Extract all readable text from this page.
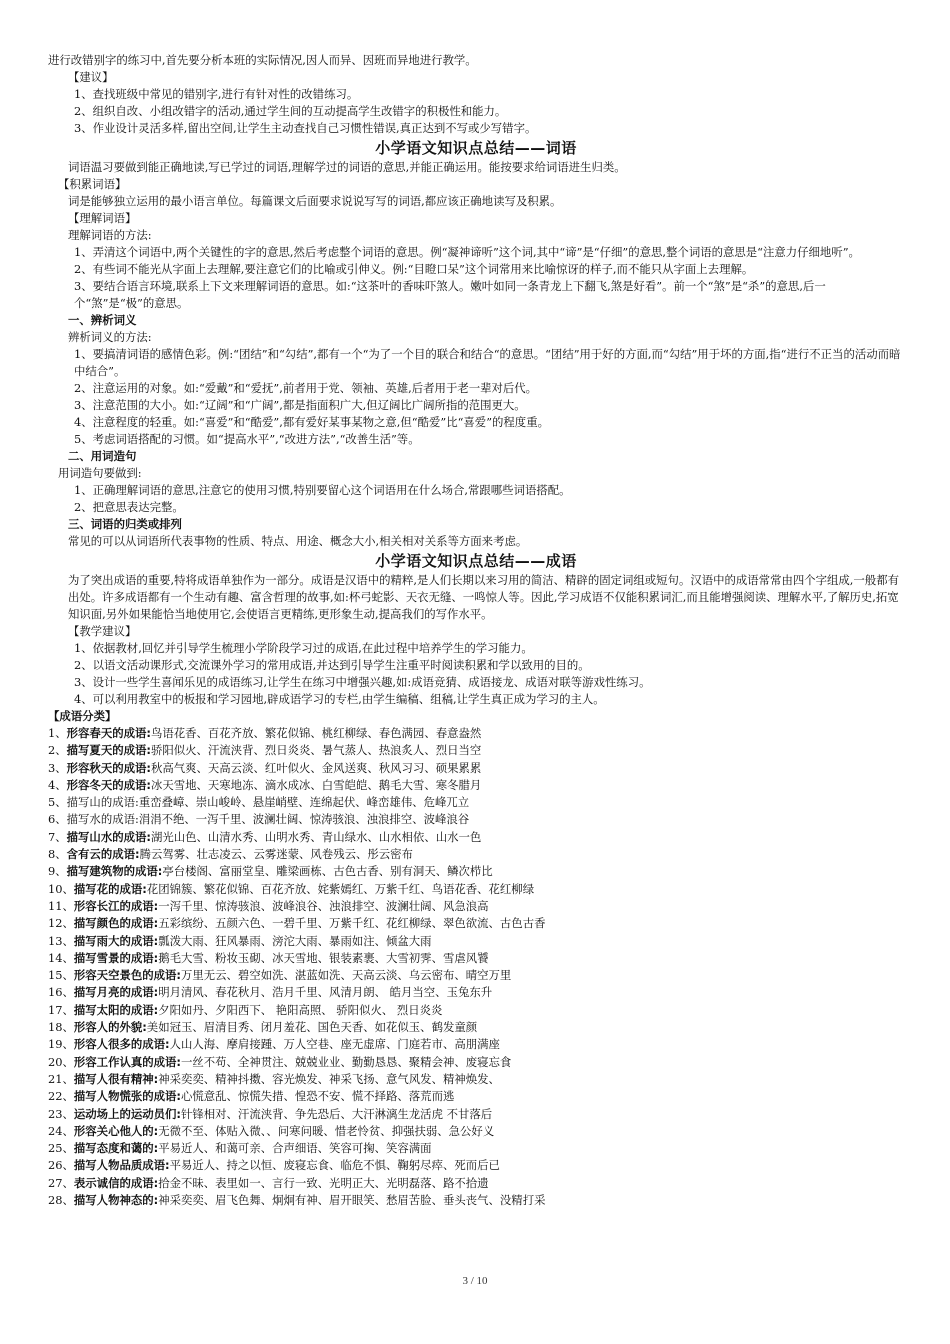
进行改错别字的练习中,首先要分析本班的实际情况,因人而异、因班而异地进行教学。

【建议】

1、查找班级中常见的错别字,进行有针对性的改错练习。

2、组织自改、小组改错字的活动,通过学生间的互动提高学生改错字的积极性和能力。

3、作业设计灵活多样,留出空间,让学生主动查找自己习惯性错误,真正达到不写或少写错字。

小学语文知识点总结——词语

词语温习要做到能正确地读,写已学过的词语,理解学过的词语的意思,并能正确运用。能按要求给词语进生归类。

【积累词语】

词是能够独立运用的最小语言单位。每篇课文后面要求说说写写的词语,都应该正确地读写及积累。

【理解词语】

理解词语的方法:

1、弄清这个词语中,两个关键性的字的意思,然后考虑整个词语的意思。例“凝神谛听”这个词,其中“谛”是“仔细”的意思,整个词语的意思是“注意力仔细地听”。

2、有些词不能光从字面上去理解,要注意它们的比喻或引伸义。例:“目瞪口呆”这个词常用来比喻惊讶的样子,而不能只从字面上去理解。

3、要结合语言环境,联系上下文来理解词语的意思。如:“这茶叶的香味吓煞人。嫩叶如同一条青龙上下翻飞,煞是好看”。前一个“煞”是“杀”的意思,后一个“煞”是“极”的意思。

一、辨析词义

辨析词义的方法:

1、要搞清词语的感情色彩。例:“团结”和“勾结”,都有一个“为了一个目的联合和结合“的意思。“团结”用于好的方面,而“勾结”用于坏的方面,指“进行不正当的活动而暗中结合”。

2、注意运用的对象。如:“爱戴”和“爱抚”,前者用于党、领袖、英雄,后者用于老一辈对后代。

3、注意范围的大小。如:“辽阔”和“广阔”,都是指面积广大,但辽阔比广阔所指的范围更大。

4、注意程度的轻重。如:“喜爱”和“酷爱”,都有爱好某事某物之意,但“酷爱”比“喜爱”的程度重。

5、考虑词语搭配的习惯。如“提高水平”,“改进方法”,“改善生活”等。

二、用词造句

用词造句要做到:

1、正确理解词语的意思,注意它的使用习惯,特别要留心这个词语用在什么场合,常跟哪些词语搭配。

2、把意思表达完整。

三、词语的归类或排列

常见的可以从词语所代表事物的性质、特点、用途、概念大小,相关相对关系等方面来考虑。

小学语文知识点总结——成语

为了突出成语的重要,特将成语单独作为一部分。成语是汉语中的精粹,是人们长期以来习用的简洁、精辟的固定词组或短句。汉语中的成语常常由四个字组成,一般都有出处。许多成语都有一个生动有趣、富含哲理的故事,如:杯弓蛇影、天衣无缝、一鸣惊人等。因此,学习成语不仅能积累词汇,而且能增强阅读、理解水平,了解历史,拓宽知识面,另外如果能恰当地使用它,会使语言更精练,更形象生动,提高我们的写作水平。

【教学建议】

1、依据教材,回忆并引导学生梳理小学阶段学习过的成语,在此过程中培养学生的学习能力。

2、以语文活动课形式,交流课外学习的常用成语,并达到引导学生注重平时阅读积累和学以致用的目的。

3、设计一些学生喜闻乐见的成语练习,让学生在练习中增强兴趣,如:成语竞猜、成语接龙、成语对联等游戏性练习。

4、可以利用教室中的板报和学习园地,辟成语学习的专栏,由学生编稿、组稿,让学生真正成为学习的主人。

【成语分类】

1、形容春天的成语:鸟语花香、百花齐放、繁花似锦、桃红柳绿、春色满园、春意盎然

2、描写夏天的成语:骄阳似火、汗流浃背、烈日炎炎、暑气蒸人、热浪炙人、烈日当空

3、形容秋天的成语:秋高气爽、天高云淡、红叶似火、金风送爽、秋风习习、硕果累累

4、形容冬天的成语:冰天雪地、天寒地冻、滴水成冰、白雪皑皑、鹅毛大雪、寒冬腊月

5、描写山的成语:重峦叠嶂、崇山峻岭、悬崖峭壁、连绵起伏、峰峦雄伟、危峰兀立

6、描写水的成语:涓涓不绝、一泻千里、波澜壮阔、惊涛骇浪、浊浪排空、波峰浪谷

7、描写山水的成语:湖光山色、山清水秀、山明水秀、青山绿水、山水相依、山水一色

8、含有云的成语:腾云驾雾、壮志凌云、云雾迷蒙、风卷残云、彤云密布

9、描写建筑物的成语:亭台楼阁、富丽堂皇、雕梁画栋、古色古香、别有洞天、鳞次栉比

10、描写花的成语:花团锦簇、繁花似锦、百花齐放、姹紫嫣红、万紫千红、鸟语花香、花红柳绿

11、形容长江的成语:一泻千里、惊涛骇浪、波峰浪谷、浊浪排空、波澜壮阔、风急浪高

12、描写颜色的成语:五彩缤纷、五颜六色、一碧千里、万紫千红、花红柳绿、翠色欲流、古色古香

13、描写雨大的成语:瓢泼大雨、狂风暴雨、滂沱大雨、暴雨如注、倾盆大雨

14、描写雪景的成语:鹅毛大雪、粉妆玉砌、冰天雪地、银装素裹、大雪初霁、雪虐风饕

15、形容天空景色的成语:万里无云、碧空如洗、湛蓝如洗、天高云淡、乌云密布、晴空万里

16、描写月亮的成语:明月清风、春花秋月、浩月千里、风清月朗、 皓月当空、玉兔东升

17、描写太阳的成语:夕阳如丹、夕阳西下、 艳阳高照、 骄阳似火、 烈日炎炎

18、形容人的外貌:美如冠玉、眉清目秀、闭月羞花、国色天香、如花似玉、鹤发童颜

19、形容人很多的成语:人山人海、摩肩接踵、万人空巷、座无虚席、门庭若市、高朋满座

20、形容工作认真的成语:一丝不苟、全神贯注、兢兢业业、勤勤恳恳、聚精会神、废寝忘食

21、描写人很有精神:神采奕奕、精神抖擞、容光焕发、神采飞扬、意气风发、精神焕发、

22、描写人物慌张的成语:心慌意乱、惊慌失措、惶恐不安、慌不择路、落荒而逃

23、运动场上的运动员们:针锋相对、汗流浃背、争先恐后、大汗淋漓生龙活虎 不甘落后

24、形容关心他人的:无微不至、体贴入微、、问寒问暖、惜老怜贫、抑强扶弱、急公好义

25、描写态度和蔼的:平易近人、和蔼可亲、合声细语、笑容可掬、笑容满面

26、描写人物品质成语:平易近人、持之以恒、废寝忘食、临危不惧、鞠躬尽瘁、死而后已

27、表示诚信的成语:拾金不昧、表里如一、言行一致、光明正大、光明磊落、路不拾遗

28、描写人物神态的:神采奕奕、眉飞色舞、炯炯有神、眉开眼笑、愁眉苦脸、垂头丧气、没精打采

3 / 10
